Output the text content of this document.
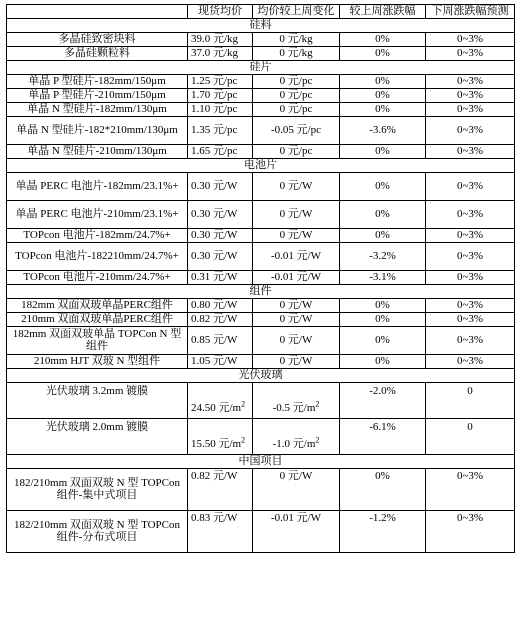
	现货均价	均价较上周变化	较上周涨跌幅	下周涨跌幅预测
硅料				
多晶硅致密块料	39.0 元/kg	0 元/kg	0%	0~3%
多晶硅颗粒料	37.0 元/kg	0 元/kg	0%	0~3%
硅片				
单晶 P 型硅片-182mm/150μm	1.25 元/pc	0 元/pc	0%	0~3%
单晶 P 型硅片-210mm/150μm	1.70 元/pc	0 元/pc	0%	0~3%
单晶 N 型硅片-182mm/130μm	1.10 元/pc	0 元/pc	0%	0~3%
单晶 N 型硅片-182*210mm/130μm	1.35 元/pc	-0.05 元/pc	-3.6%	0~3%
单晶 N 型硅片-210mm/130μm	1.65 元/pc	0 元/pc	0%	0~3%
电池片				
单晶 PERC 电池片-182mm/23.1%+	0.30 元/W	0 元/W	0%	0~3%
单晶 PERC 电池片-210mm/23.1%+	0.30 元/W	0 元/W	0%	0~3%
TOPcon 电池片-182mm/24.7%+	0.30 元/W	0 元/W	0%	0~3%
TOPcon 电池片-182210mm/24.7%+	0.30 元/W	-0.01 元/W	-3.2%	0~3%
TOPcon 电池片-210mm/24.7%+	0.31 元/W	-0.01 元/W	-3.1%	0~3%
组件				
182mm 双面双玻单晶PERC组件	0.80 元/W	0 元/W	0%	0~3%
210mm 双面双玻单晶PERC组件	0.82 元/W	0 元/W	0%	0~3%
182mm 双面双玻单晶 TOPCon N 型组件	0.85 元/W	0 元/W	0%	0~3%
210mm HJT 双玻 N 型组件	1.05 元/W	0 元/W	0%	0~3%
光伏玻璃				
光伏玻璃 3.2mm 镀膜	24.50 元$/m^2$	-0.5 元$/m^2$	-2.0%	0
光伏玻璃 2.0mm 镀膜	15.50 元$/m^2$	-1.0 元$/m^2$	-6.1%	0
中国项目				
182/210mm 双面双玻 N 型 TOPCon 组件-集中式项目	0.82 元/W	0 元/W	0%	0~3%
182/210mm 双面双玻 N 型 TOPCon 组件-分布式项目	0.83 元/W	-0.01 元/W	-1.2%	0~3%
